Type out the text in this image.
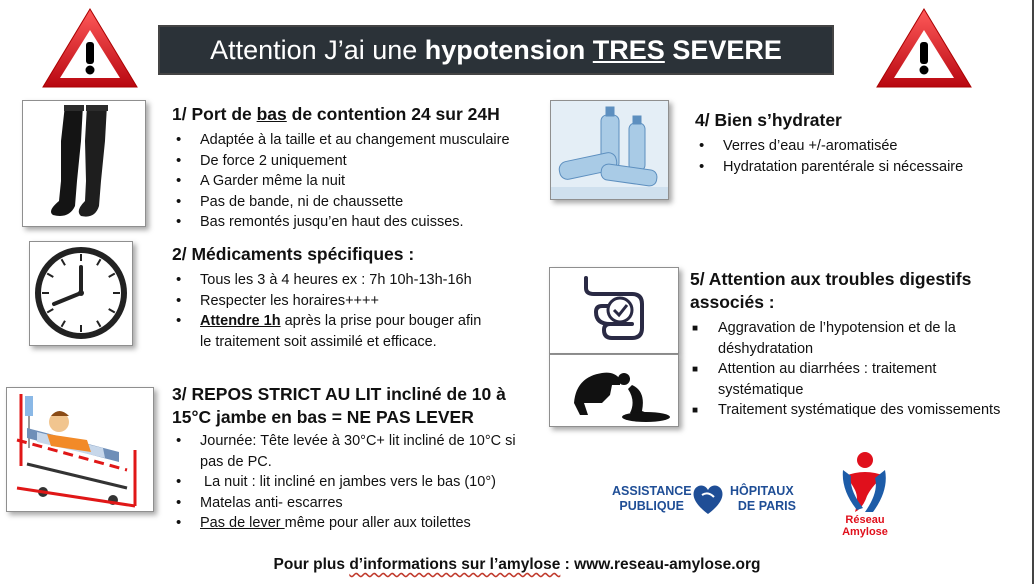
Attention J’ai une hypotension TRES SEVERE
1/ Port de bas de contention 24 sur 24H
• Adaptée à la taille et au changement musculaire
• De force 2 uniquement
• A Garder même la nuit
• Pas de bande, ni de chaussette
• Bas remontés jusqu’en haut des cuisses.
2/ Médicaments spécifiques :
• Tous les 3 à 4 heures ex : 7h 10h-13h-16h
• Respecter les horaires++++
• Attendre 1h après la prise pour bouger afin
le traitement soit assimilé et efficace.
3/ REPOS STRICT AU LIT incliné de 10 à
15°C jambe en bas = NE PAS LEVER
• Journée: Tête levée à 30°C+ lit incliné de 10°C si
pas de PC.
•  La nuit : lit incliné en jambes vers le bas (10°)
• Matelas anti- escarres
• Pas de lever même pour aller aux toilettes
4/ Bien s’hydrater
• Verres d’eau +/-aromatisée
• Hydratation parentérale si nécessaire
5/ Attention aux troubles digestifs
associés :
■ Aggravation de l’hypotension et de la
déshydratation
■ Attention au diarrhées : traitement
systématique
■ Traitement systématique des vomissements
ASSISTANCE
PUBLIQUE
HÔPITAUX
DE PARIS
Réseau
Amylose
Pour plus d’informations sur l’amylose : www.reseau-amylose.org
